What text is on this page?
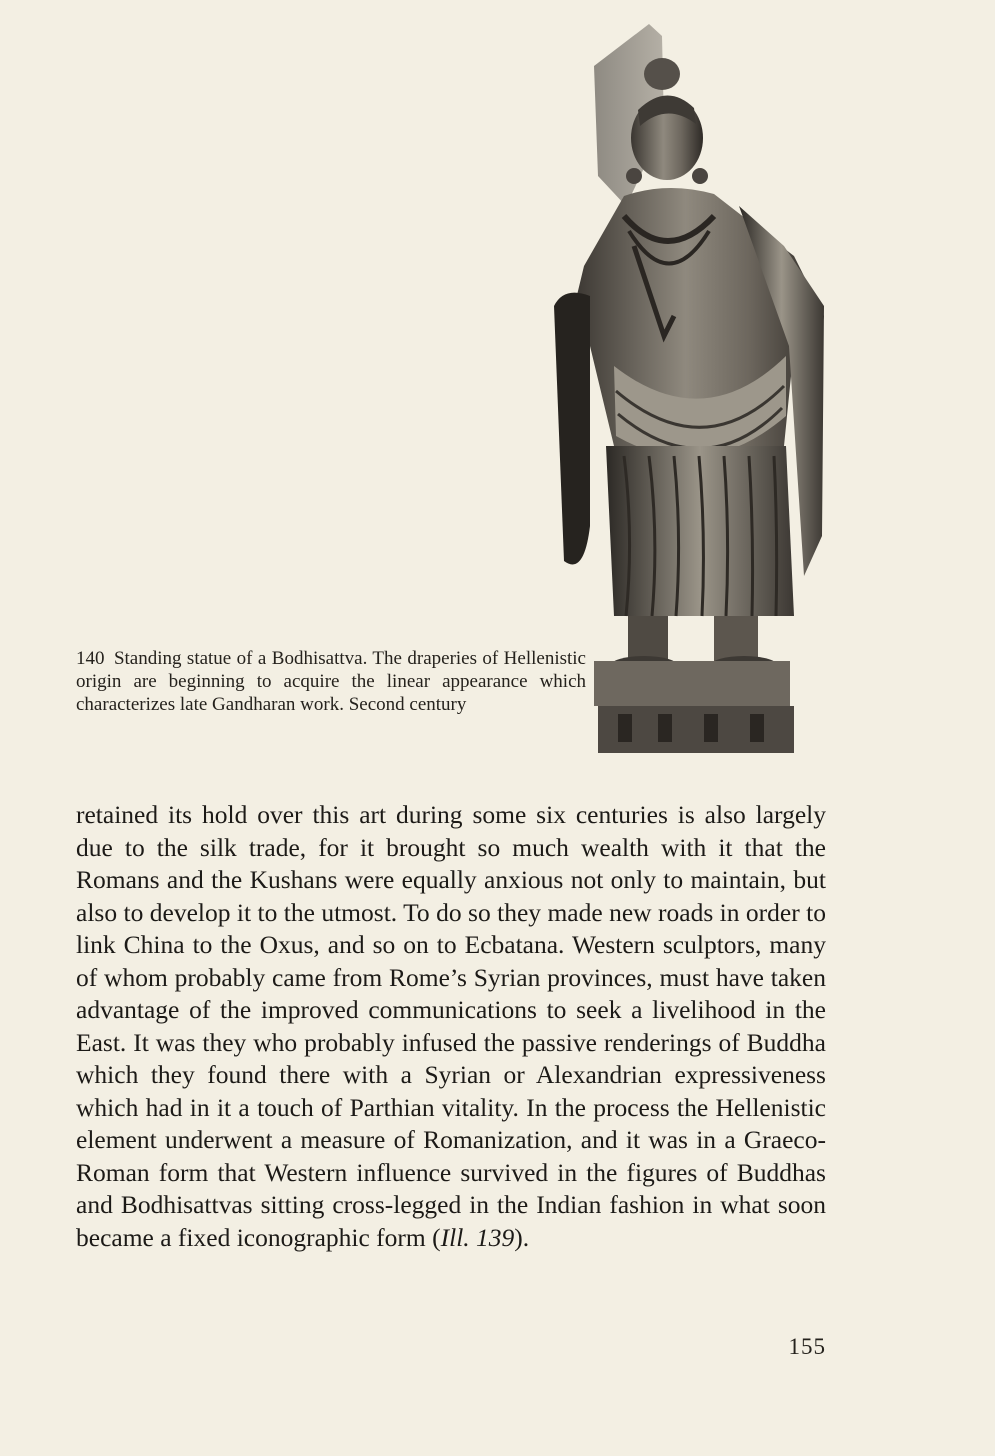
140 Standing statue of a Bodhisattva. The draperies of Hellenistic origin are beginning to acquire the linear appearance which characterizes late Gandharan work. Second century
retained its hold over this art during some six centuries is also largely due to the silk trade, for it brought so much wealth with it that the Romans and the Kushans were equally anxious not only to maintain, but also to develop it to the utmost. To do so they made new roads in order to link China to the Oxus, and so on to Ecbatana. Western sculptors, many of whom probably came from Rome’s Syrian provinces, must have taken advantage of the improved communications to seek a livelihood in the East. It was they who probably infused the passive renderings of Buddha which they found there with a Syrian or Alexandrian expressiveness which had in it a touch of Parthian vitality. In the process the Hellenistic element underwent a measure of Romanization, and it was in a Graeco-Roman form that Western influence survived in the figures of Buddhas and Bodhisattvas sitting cross-legged in the Indian fashion in what soon became a fixed iconographic form (Ill. 139).
155
